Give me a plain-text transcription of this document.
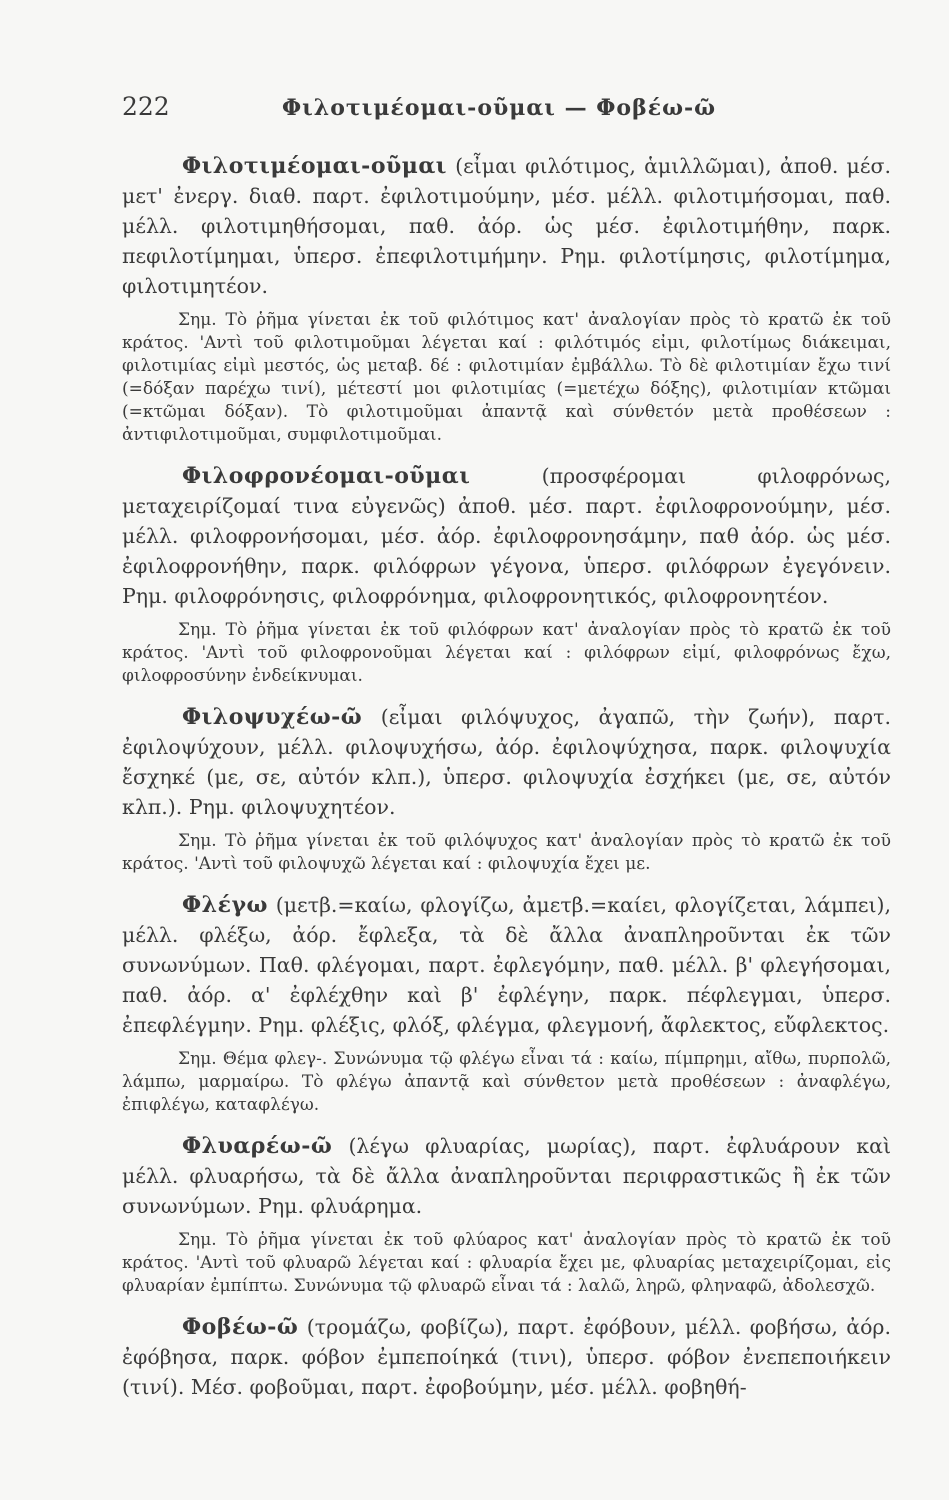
222	Φιλοτιμέομαι-οῦμαι — Φοβέω-ῶ
Φιλοτιμέομαι-οῦμαι (εἶμαι φιλότιμος, ἁμιλλῶμαι), ἀποθ. μέσ. μετ' ἐνεργ. διαθ. παρτ. ἐφιλοτιμούμην, μέσ. μέλλ. φιλοτιμήσομαι, παθ. μέλλ. φιλοτιμηθήσομαι, παθ. ἀόρ. ὡς μέσ. ἐφιλοτιμήθην, παρκ. πεφιλοτίμημαι, ὑπερσ. ἐπεφιλοτιμήμην. Ρημ. φιλοτίμησις, φιλοτίμημα, φιλοτιμητέον.
Σημ. Τὸ ῥῆμα γίνεται ἐκ τοῦ φιλότιμος κατ' ἀναλογίαν πρὸς τὸ κρατῶ ἐκ τοῦ κράτος. 'Αντὶ τοῦ φιλοτιμοῦμαι λέγεται καί : φιλότιμός εἰμι, φιλοτίμως διάκειμαι, φιλοτιμίας εἰμὶ μεστός, ὡς μεταβ. δέ : φιλοτιμίαν ἐμβάλλω. Τὸ δὲ φιλοτιμίαν ἔχω τινί (=δόξαν παρέχω τινί), μέτεστί μοι φιλοτιμίας (=μετέχω δόξης), φιλοτιμίαν κτῶμαι (=κτῶμαι δόξαν). Τὸ φιλοτιμοῦμαι ἀπαντᾷ καὶ σύνθετόν μετὰ προθέσεων : ἀντιφιλοτιμοῦμαι, συμφιλοτιμοῦμαι.
Φιλοφρονέομαι-οῦμαι	(προσφέρομαι φιλοφρόνως, μεταχειρίζομαί τινα εὐγενῶς) ἀποθ. μέσ. παρτ. ἐφιλοφρονούμην, μέσ. μέλλ. φιλοφρονήσομαι, μέσ. ἀόρ. ἐφιλοφρονησάμην, παθ ἀόρ. ὡς μέσ. ἐφιλοφρονήθην, παρκ. φιλόφρων γέγονα, ὑπερσ. φιλόφρων ἐγεγόνειν. Ρημ. φιλοφρόνησις, φιλοφρόνημα, φιλοφρονητικός, φιλοφρονητέον.
Σημ. Τὸ ῥῆμα γίνεται ἐκ τοῦ φιλόφρων κατ' ἀναλογίαν πρὸς τὸ κρατῶ ἐκ τοῦ κράτος. 'Αντὶ τοῦ φιλοφρονοῦμαι λέγεται καί : φιλόφρων εἰμί, φιλοφρόνως ἔχω, φιλοφροσύνην ἐνδείκνυμαι.
Φιλοψυχέω-ῶ (εἶμαι φιλόψυχος, ἀγαπῶ, τὴν ζωήν), παρτ. ἐφιλοψύχουν, μέλλ. φιλοψυχήσω, ἀόρ. ἐφιλοψύχησα, παρκ. φιλοψυχία ἔσχηκέ (με, σε, αὐτόν κλπ.), ὑπερσ. φιλοψυχία ἐσχήκει (με, σε, αὐτόν κλπ.). Ρημ. φιλοψυχητέον.
Σημ. Τὸ ῥῆμα γίνεται ἐκ τοῦ φιλόψυχος κατ' ἀναλογίαν πρὸς τὸ κρατῶ ἐκ τοῦ κράτος. 'Αντὶ τοῦ φιλοψυχῶ λέγεται καί : φιλοψυχία ἔχει με.
Φλέγω (μετβ.=καίω, φλογίζω, ἀμετβ.=καίει, φλογίζεται, λάμπει), μέλλ. φλέξω, ἀόρ. ἔφλεξα, τὰ δὲ ἄλλα ἀναπληροῦνται ἐκ τῶν συνωνύμων. Παθ. φλέγομαι, παρτ. ἐφλεγόμην, παθ. μέλλ. β' φλεγήσομαι, παθ. ἀόρ. α' ἐφλέχθην καὶ β' ἐφλέγην, παρκ. πέφλεγμαι, ὑπερσ. ἐπεφλέγμην. Ρημ. φλέξις, φλόξ, φλέγμα, φλεγμονή, ἄφλεκτος, εὔφλεκτος.
Σημ. Θέμα φλεγ-. Συνώνυμα τῷ φλέγω εἶναι τά : καίω, πίμπρημι, αἴθω, πυρπολῶ, λάμπω, μαρμαίρω. Τὸ φλέγω ἀπαντᾷ καὶ σύνθετον μετὰ προθέσεων : ἀναφλέγω, ἐπιφλέγω, καταφλέγω.
Φλυαρέω-ῶ (λέγω φλυαρίας, μωρίας), παρτ. ἐφλυάρουν καὶ μέλλ. φλυαρήσω, τὰ δὲ ἄλλα ἀναπληροῦνται περιφραστικῶς ἢ ἐκ τῶν συνωνύμων. Ρημ. φλυάρημα.
Σημ. Τὸ ῥῆμα γίνεται ἐκ τοῦ φλύαρος κατ' ἀναλογίαν πρὸς τὸ κρατῶ ἐκ τοῦ κράτος. 'Αντὶ τοῦ φλυαρῶ λέγεται καί : φλυαρία ἔχει με, φλυαρίας μεταχειρίζομαι, εἰς φλυαρίαν ἐμπίπτω. Συνώνυμα τῷ φλυαρῶ εἶναι τά : λαλῶ, ληρῶ, φληναφῶ, ἀδολεσχῶ.
Φοβέω-ῶ (τρομάζω, φοβίζω), παρτ. ἐφόβουν, μέλλ. φοβήσω, ἀόρ. ἐφόβησα, παρκ. φόβον ἐμπεποίηκά (τινι), ὑπερσ. φόβον ἐνεπεποιήκειν (τινί). Μέσ. φοβοῦμαι, παρτ. ἐφοβούμην, μέσ. μέλλ. φοβηθή-
